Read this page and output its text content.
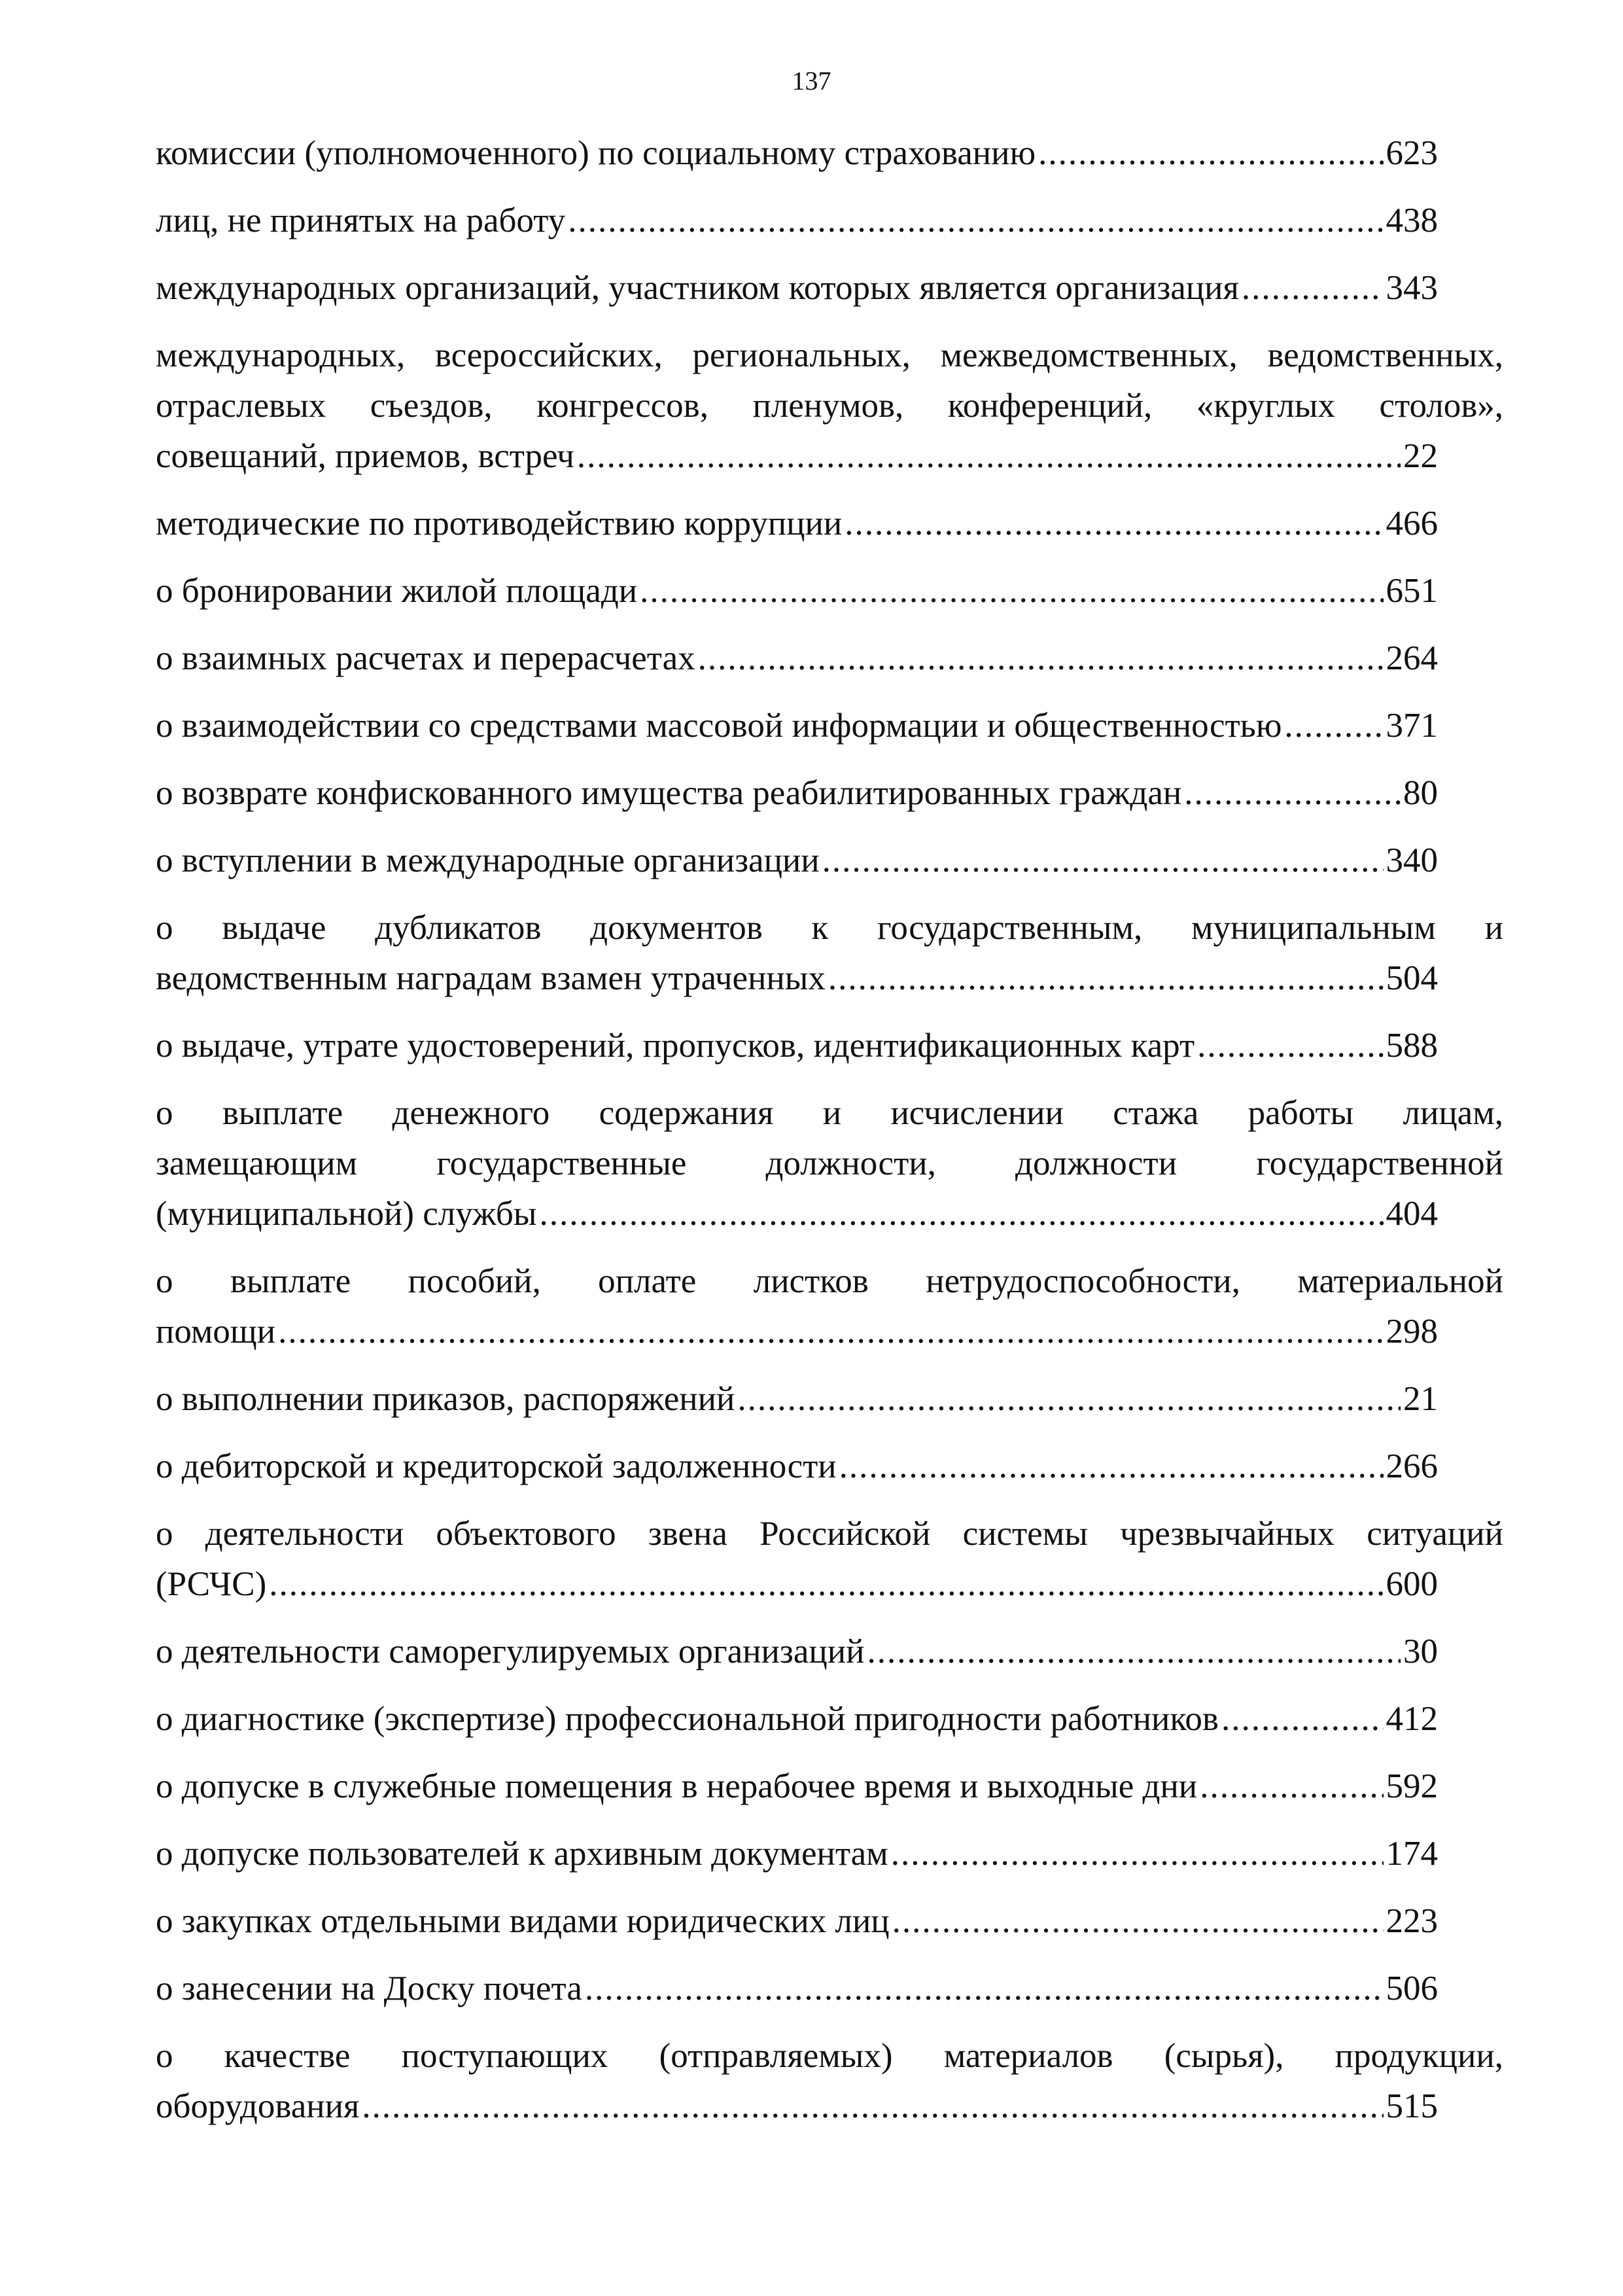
137
комиссии (уполномоченного) по социальному страхованию .....	623
лиц, не принятых на работу .....	438
международных организаций, участником которых является организация .....	343
международных, всероссийских, региональных, межведомственных, ведомственных,
отраслевых съездов, конгрессов, пленумов, конференций, «круглых столов»,
совещаний, приемов, встреч .....	22
методические по противодействию коррупции .....	466
о бронировании жилой площади .....	651
о взаимных расчетах и перерасчетах .....	264
о взаимодействии со средствами массовой информации и общественностью .....	371
о возврате конфискованного имущества реабилитированных граждан .....	80
о вступлении в международные организации .....	340
о выдаче дубликатов документов к государственным, муниципальным и
ведомственным наградам взамен утраченных .....	504
о выдаче, утрате удостоверений, пропусков, идентификационных карт .....	588
о выплате денежного содержания и исчислении стажа работы лицам,
замещающим государственные должности, должности государственной
(муниципальной) службы .....	404
о выплате пособий, оплате листков нетрудоспособности, материальной
помощи .....	298
о выполнении приказов, распоряжений .....	21
о дебиторской и кредиторской задолженности .....	266
о деятельности объектового звена Российской системы чрезвычайных ситуаций
(РСЧС) .....	600
о деятельности саморегулируемых организаций .....	30
о диагностике (экспертизе) профессиональной пригодности работников .....	412
о допуске в служебные помещения в нерабочее время и выходные дни .....	592
о допуске пользователей к архивным документам .....	174
о закупках отдельными видами юридических лиц .....	223
о занесении на Доску почета .....	506
о качестве поступающих (отправляемых) материалов (сырья), продукции,
оборудования .....	515
